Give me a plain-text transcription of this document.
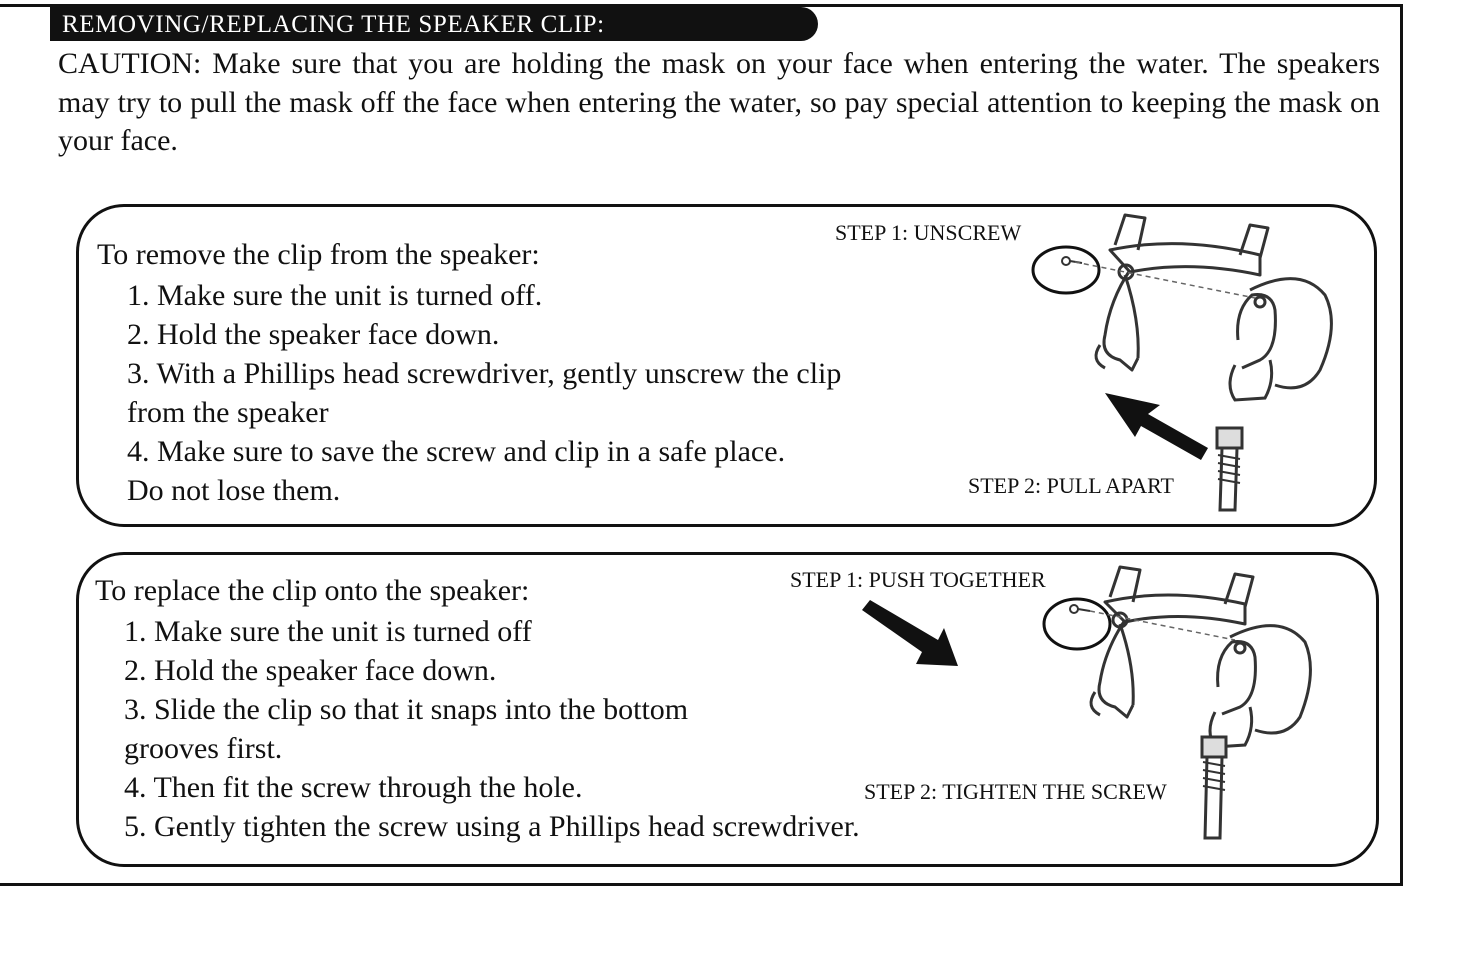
REMOVING/REPLACING THE SPEAKER CLIP:
CAUTION: Make sure that you are holding the mask on your face when entering the water. The speakers may try to pull the mask off the face when entering the water, so pay special attention to keeping the mask on your face.
To remove the clip from the speaker:
1. Make sure the unit is turned off.
2. Hold the speaker face down.
3. With a Phillips head screwdriver, gently unscrew the clip
from the speaker
4. Make sure to save the screw and clip in a safe place.
Do not lose them.
STEP 1: UNSCREW
STEP 2: PULL APART
To replace the clip onto the speaker:
1. Make sure the unit is turned off
2. Hold the speaker face down.
3. Slide the clip so that it snaps into the bottom
grooves first.
4. Then fit the screw through the hole.
5. Gently tighten the screw using a Phillips head screwdriver.
STEP 1: PUSH TOGETHER
STEP 2: TIGHTEN THE SCREW
